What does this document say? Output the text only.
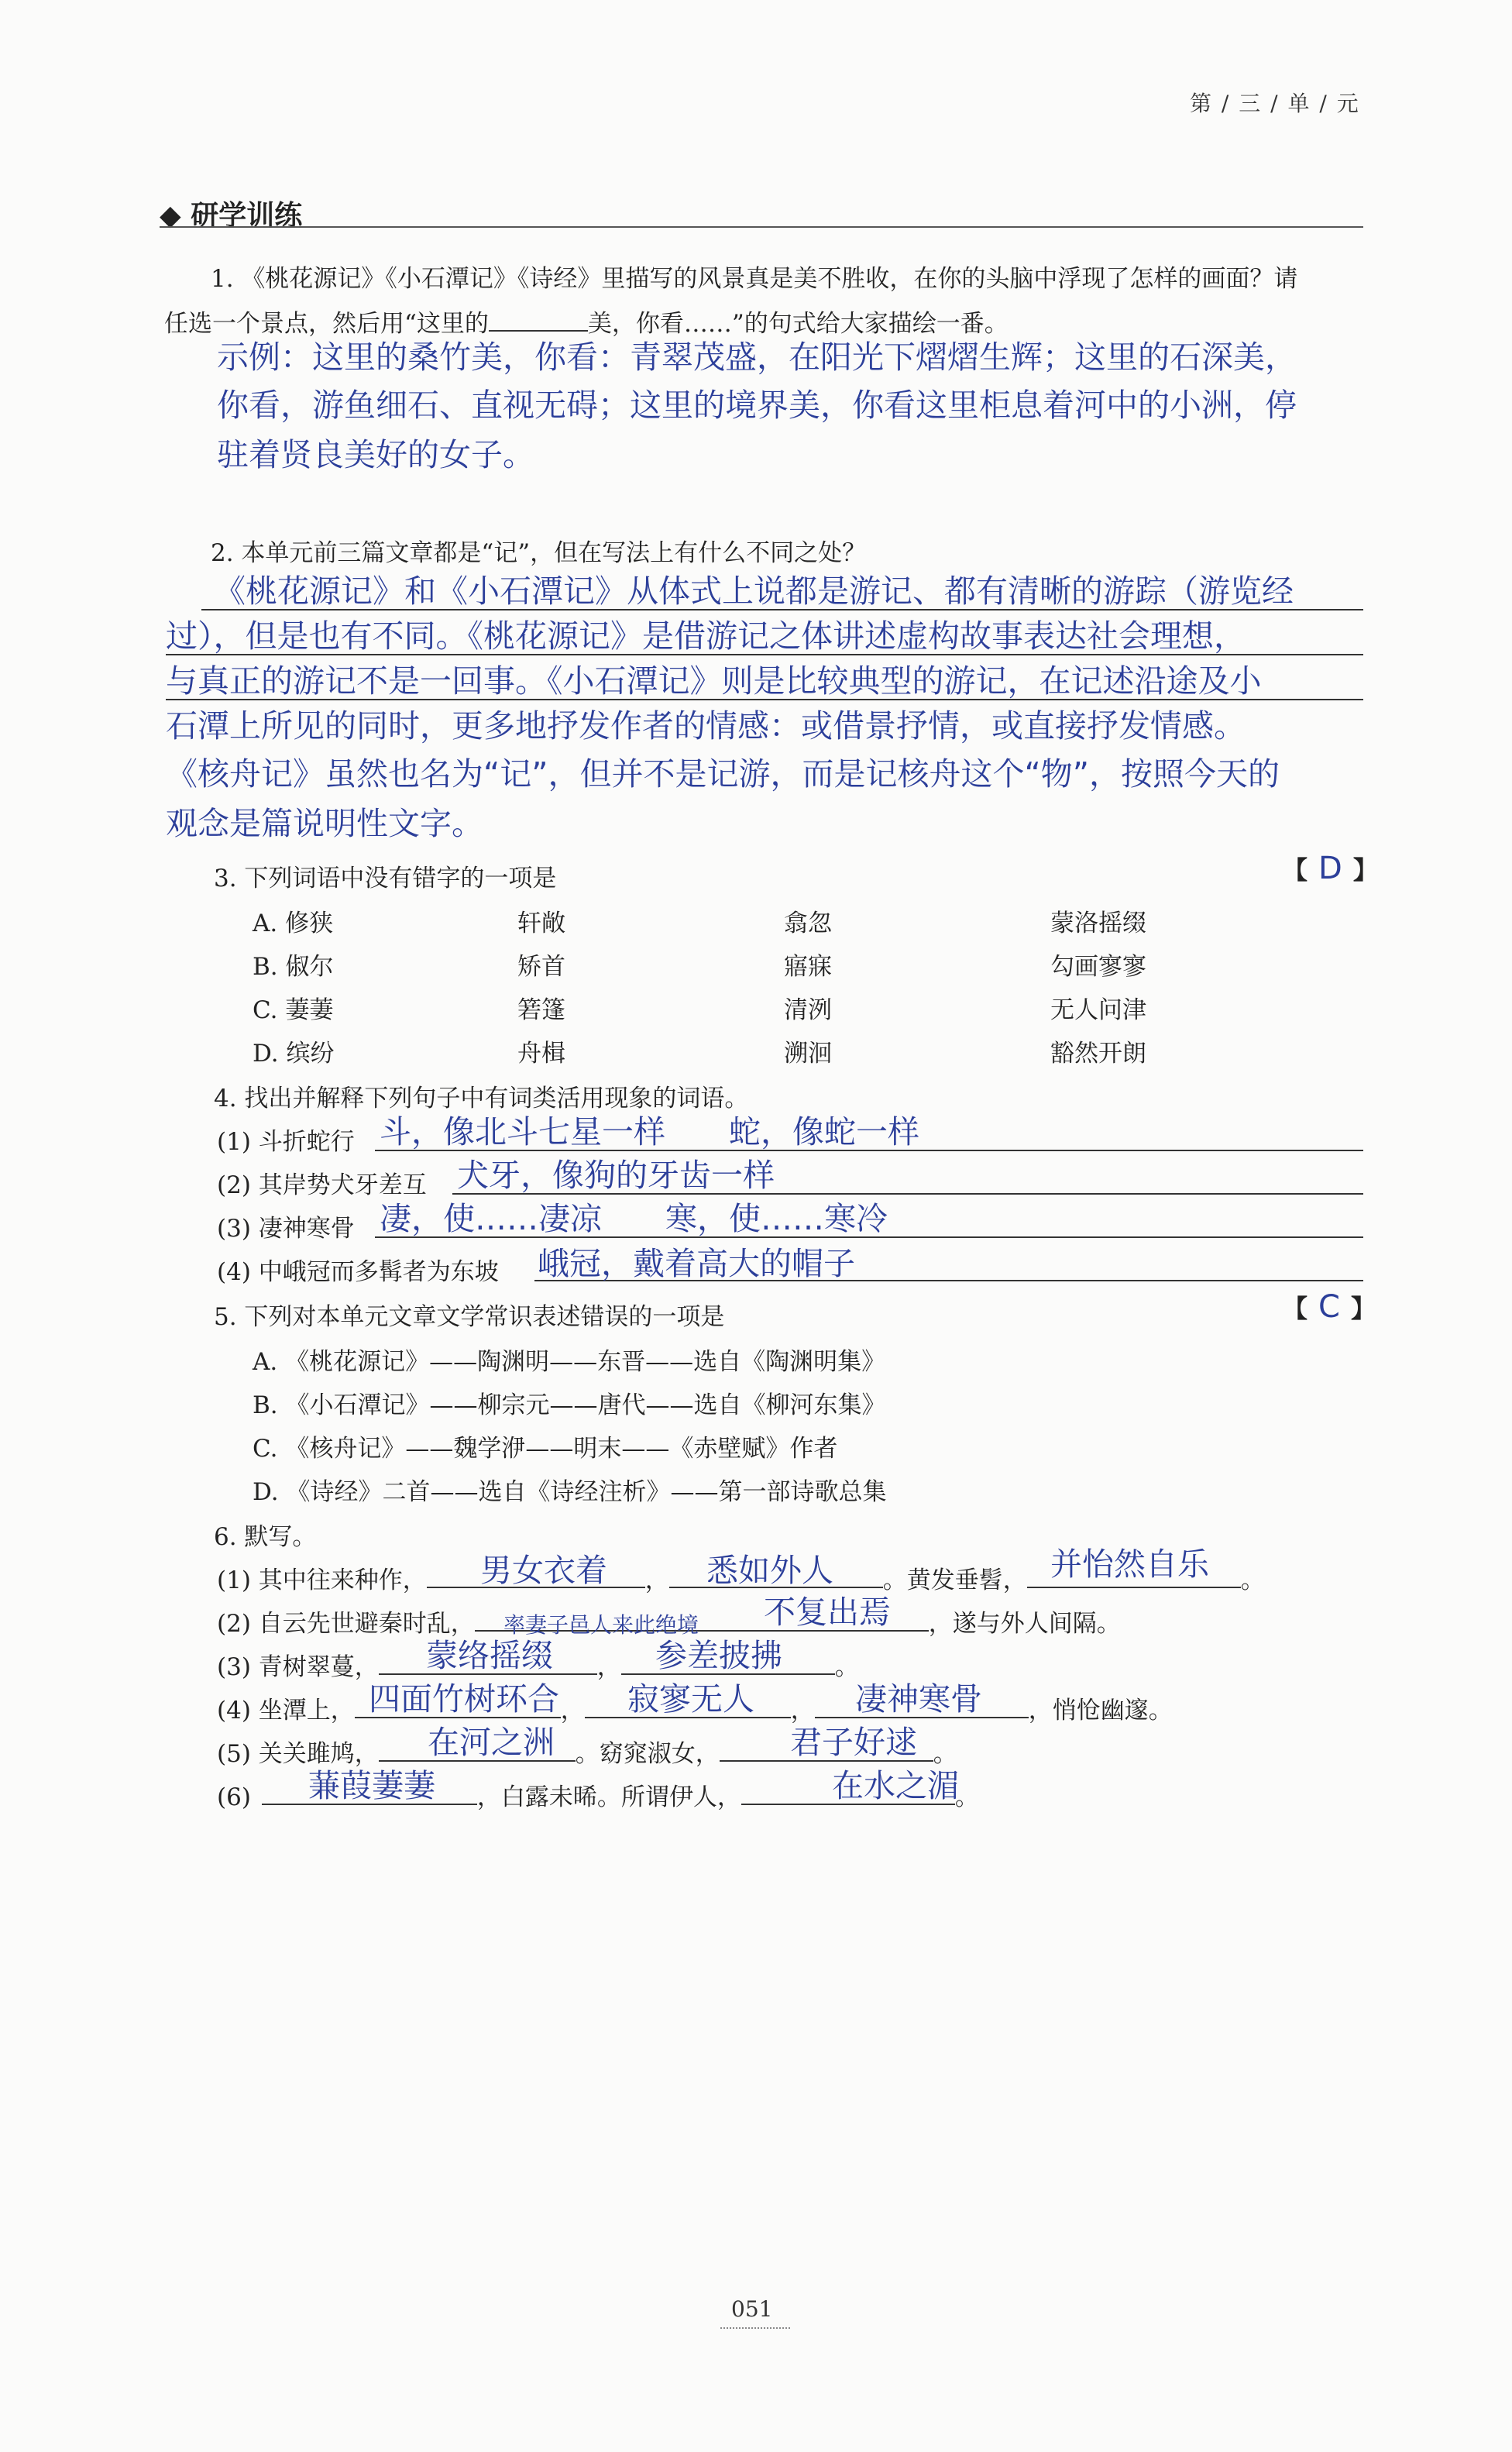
第 / 三 / 单 / 元
◆ 研学训练
1. 《桃花源记》《小石潭记》《诗经》里描写的风景真是美不胜收，在你的头脑中浮现了怎样的画面？请
任选一个景点，然后用“这里的	美，你看……”的句式给大家描绘一番。
示例：这里的桑竹美，你看：青翠茂盛，在阳光下熠熠生辉；这里的石深美，
你看，游鱼细石、直视无碍；这里的境界美，你看这里柜息着河中的小洲，停
驻着贤良美好的女子。
2. 本单元前三篇文章都是“记”，但在写法上有什么不同之处？
《桃花源记》和《小石潭记》从体式上说都是游记、都有清晰的游踪（游览经
过），但是也有不同。《桃花源记》是借游记之体讲述虚构故事表达社会理想，
与真正的游记不是一回事。《小石潭记》则是比较典型的游记，在记述沿途及小
石潭上所见的同时，更多地抒发作者的情感：或借景抒情，或直接抒发情感。
《核舟记》虽然也名为“记”，但并不是记游，而是记核舟这个“物”，按照今天的
观念是篇说明性文字。
3. 下列词语中没有错字的一项是	【 D 】
A. 修狭	轩敞	翕忽	蒙洛摇缀
B. 俶尔	矫首	寤寐	勾画寥寥
C. 萋萋	箬篷	清洌	无人问津
D. 缤纷	舟楫	溯洄	豁然开朗
4. 找出并解释下列句子中有词类活用现象的词语。
(1) 斗折蛇行 斗，像北斗七星一样　　蛇，像蛇一样
(2) 其岸势犬牙差互 犬牙，像狗的牙齿一样
(3) 凄神寒骨 凄，使……凄凉　　寒，使……寒冷
(4) 中峨冠而多髯者为东坡 峨冠，戴着高大的帽子
5. 下列对本单元文章文学常识表述错误的一项是	【 C 】
A. 《桃花源记》——陶渊明——东晋——选自《陶渊明集》
B. 《小石潭记》——柳宗元——唐代——选自《柳河东集》
C. 《核舟记》——魏学洢——明末——《赤壁赋》作者
D. 《诗经》二首——选自《诗经注析》——第一部诗歌总集
6. 默写。
(1) 其中往来种作，	，	。黄发垂髫，	。
男女衣着	悉如外人	并怡然自乐
(2) 自云先世避秦时乱，	，遂与外人间隔。
率妻子邑人来此绝境 不复出焉
(3) 青树翠蔓，	，	。
蒙络摇缀	参差披拂
(4) 坐潭上，	，	，	，悄怆幽邃。
四面竹树环合 寂寥无人	凄神寒骨
(5) 关关雎鸠，	。窈窕淑女，	。
在河之洲	君子好逑
(6)	，白露未晞。所谓伊人，	。
蒹葭萋萋	在水之湄
051
